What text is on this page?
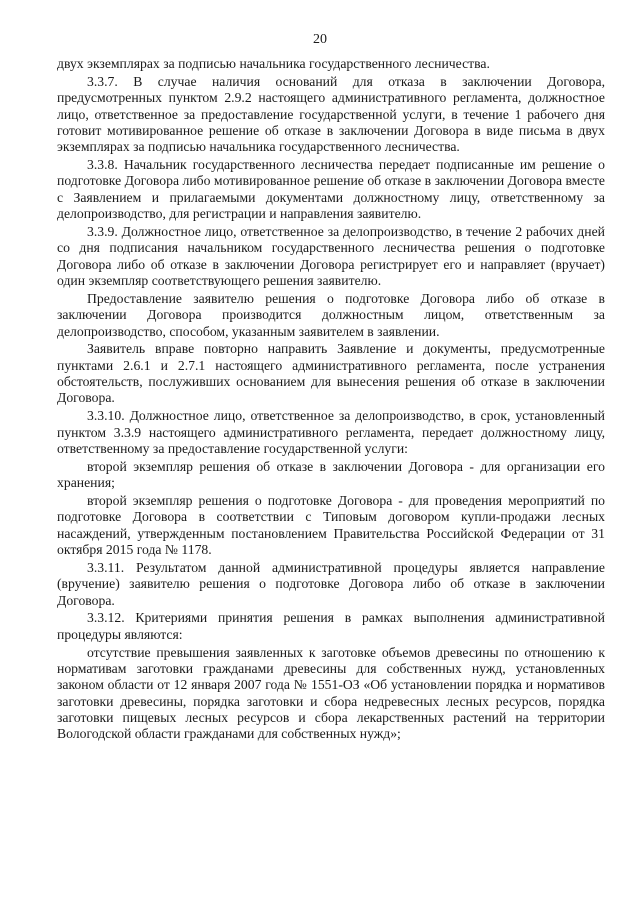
20

двух экземплярах за подписью начальника государственного лесничества.

3.3.7. В случае наличия оснований для отказа в заключении Договора, предусмотренных пунктом 2.9.2 настоящего административного регламента, должностное лицо, ответственное за предоставление государственной услуги, в течение 1 рабочего дня готовит мотивированное решение об отказе в заключении Договора в виде письма в двух экземплярах за подписью начальника государственного лесничества.

3.3.8. Начальник государственного лесничества передает подписанные им решение о подготовке Договора либо мотивированное решение об отказе в заключении Договора вместе с Заявлением и прилагаемыми документами должностному лицу, ответственному за делопроизводство, для регистрации и направления заявителю.

3.3.9. Должностное лицо, ответственное за делопроизводство, в течение 2 рабочих дней со дня подписания начальником государственного лесничества решения о подготовке Договора либо об отказе в заключении Договора регистрирует его и направляет (вручает) один экземпляр соответствующего решения заявителю.

Предоставление заявителю решения о подготовке Договора либо об отказе в заключении Договора производится должностным лицом, ответственным за делопроизводство, способом, указанным заявителем в заявлении.

Заявитель вправе повторно направить Заявление и документы, предусмотренные пунктами 2.6.1 и 2.7.1 настоящего административного регламента, после устранения обстоятельств, послуживших основанием для вынесения решения об отказе в заключении Договора.

3.3.10. Должностное лицо, ответственное за делопроизводство, в срок, установленный пунктом 3.3.9 настоящего административного регламента, передает должностному лицу, ответственному за предоставление государственной услуги:

второй экземпляр решения об отказе в заключении Договора - для организации его хранения;

второй экземпляр решения о подготовке Договора - для проведения мероприятий по подготовке Договора в соответствии с Типовым договором купли-продажи лесных насаждений, утвержденным постановлением Правительства Российской Федерации от 31 октября 2015 года № 1178.

3.3.11. Результатом данной административной процедуры является направление (вручение) заявителю решения о подготовке Договора либо об отказе в заключении Договора.

3.3.12. Критериями принятия решения в рамках выполнения административной процедуры являются:

отсутствие превышения заявленных к заготовке объемов древесины по отношению к нормативам заготовки гражданами древесины для собственных нужд, установленных законом области от 12 января 2007 года № 1551-ОЗ «Об установлении порядка и нормативов заготовки древесины, порядка заготовки и сбора недревесных лесных ресурсов, порядка заготовки пищевых лесных ресурсов и сбора лекарственных растений на территории Вологодской области гражданами для собственных нужд»;
